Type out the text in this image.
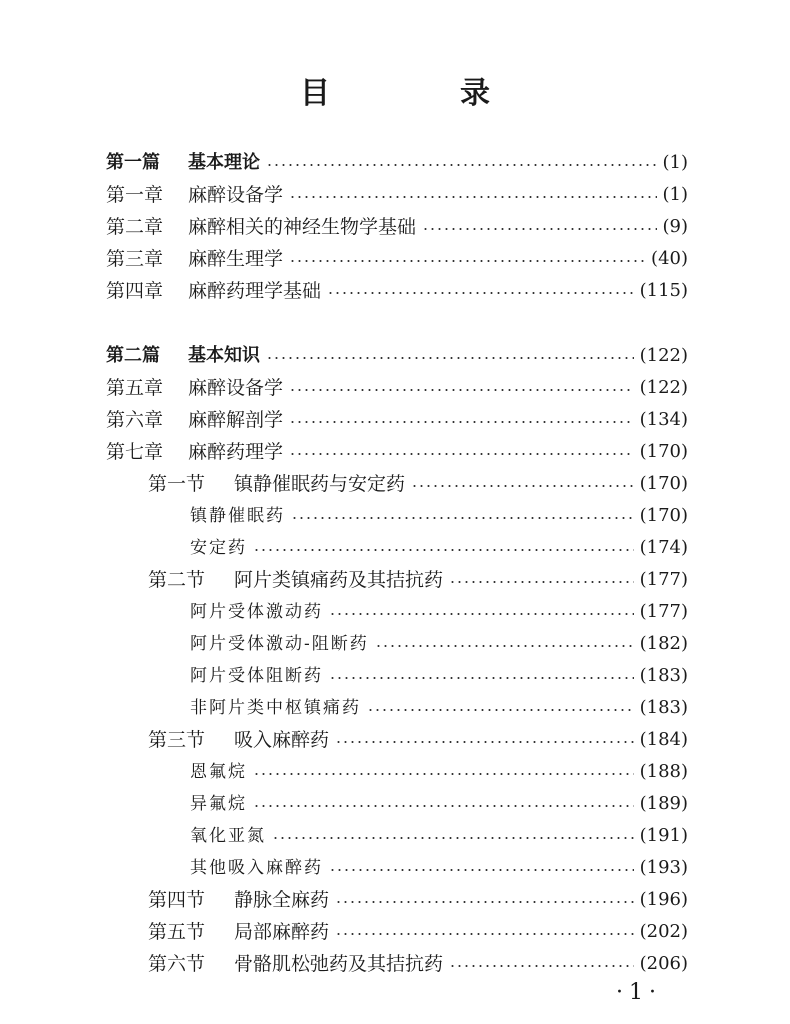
目　录
第一篇 基本理论	(1)
第一章 麻醉设备学	(1)
第二章 麻醉相关的神经生物学基础	(9)
第三章 麻醉生理学	(40)
第四章 麻醉药理学基础	(115)
第二篇 基本知识	(122)
第五章 麻醉设备学	(122)
第六章 麻醉解剖学	(134)
第七章 麻醉药理学	(170)
第一节 镇静催眠药与安定药	(170)
镇静催眠药	(170)
安定药	(174)
第二节 阿片类镇痛药及其拮抗药	(177)
阿片受体激动药	(177)
阿片受体激动-阻断药	(182)
阿片受体阻断药	(183)
非阿片类中枢镇痛药	(183)
第三节 吸入麻醉药	(184)
恩氟烷	(188)
异氟烷	(189)
氧化亚氮	(191)
其他吸入麻醉药	(193)
第四节 静脉全麻药	(196)
第五节 局部麻醉药	(202)
第六节 骨骼肌松弛药及其拮抗药	(206)
·1·
